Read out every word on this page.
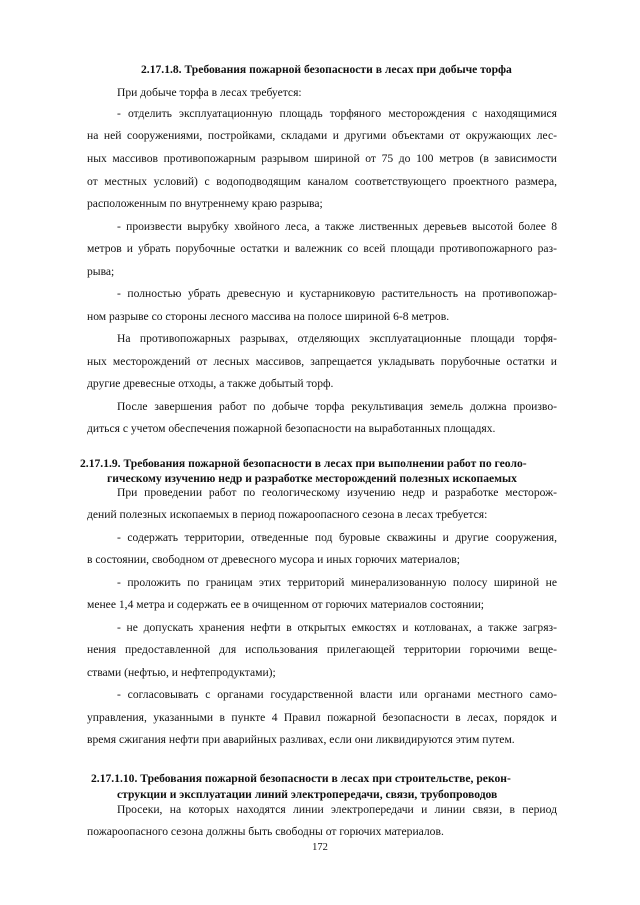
2.17.1.8. Требования пожарной безопасности в лесах при добыче торфа
При добыче торфа в лесах требуется:
- отделить эксплуатационную площадь торфяного месторождения с находящимися
на ней сооружениями, постройками, складами и другими объектами от окружающих лес-
ных массивов противопожарным разрывом шириной от 75 до 100 метров (в зависимости
от местных условий) с водоподводящим каналом соответствующего проектного размера,
расположенным по внутреннему краю разрыва;
- произвести вырубку хвойного леса, а также лиственных деревьев высотой более 8
метров и убрать порубочные остатки и валежник со всей площади противопожарного раз-
рыва;
- полностью убрать древесную и кустарниковую растительность на противопожар-
ном разрыве со стороны лесного массива на полосе шириной 6-8 метров.
На противопожарных разрывах, отделяющих эксплуатационные площади торфя-
ных месторождений от лесных массивов, запрещается укладывать порубочные остатки и
другие древесные отходы, а также добытый торф.
После завершения работ по добыче торфа рекультивация земель должна произво-
диться с учетом обеспечения пожарной безопасности на выработанных площадях.
2.17.1.9. Требования пожарной безопасности в лесах при выполнении работ по геоло-
гическому изучению недр и разработке месторождений полезных ископаемых
При проведении работ по геологическому изучению недр и разработке месторож-
дений полезных ископаемых в период пожароопасного сезона в лесах требуется:
- содержать территории, отведенные под буровые скважины и другие сооружения,
в состоянии, свободном от древесного мусора и иных горючих материалов;
- проложить по границам этих территорий минерализованную полосу шириной не
менее 1,4 метра и содержать ее в очищенном от горючих материалов состоянии;
- не допускать хранения нефти в открытых емкостях и котлованах, а также загряз-
нения предоставленной для использования прилегающей территории горючими веще-
ствами (нефтью, и нефтепродуктами);
- согласовывать с органами государственной власти или органами местного само-
управления, указанными в пункте 4 Правил пожарной безопасности в лесах, порядок и
время сжигания нефти при аварийных разливах, если они ликвидируются этим путем.
2.17.1.10. Требования пожарной безопасности в лесах при строительстве, рекон-
струкции и эксплуатации линий электропередачи, связи, трубопроводов
Просеки, на которых находятся линии электропередачи и линии связи, в период
пожароопасного сезона должны быть свободны от горючих материалов.
172
